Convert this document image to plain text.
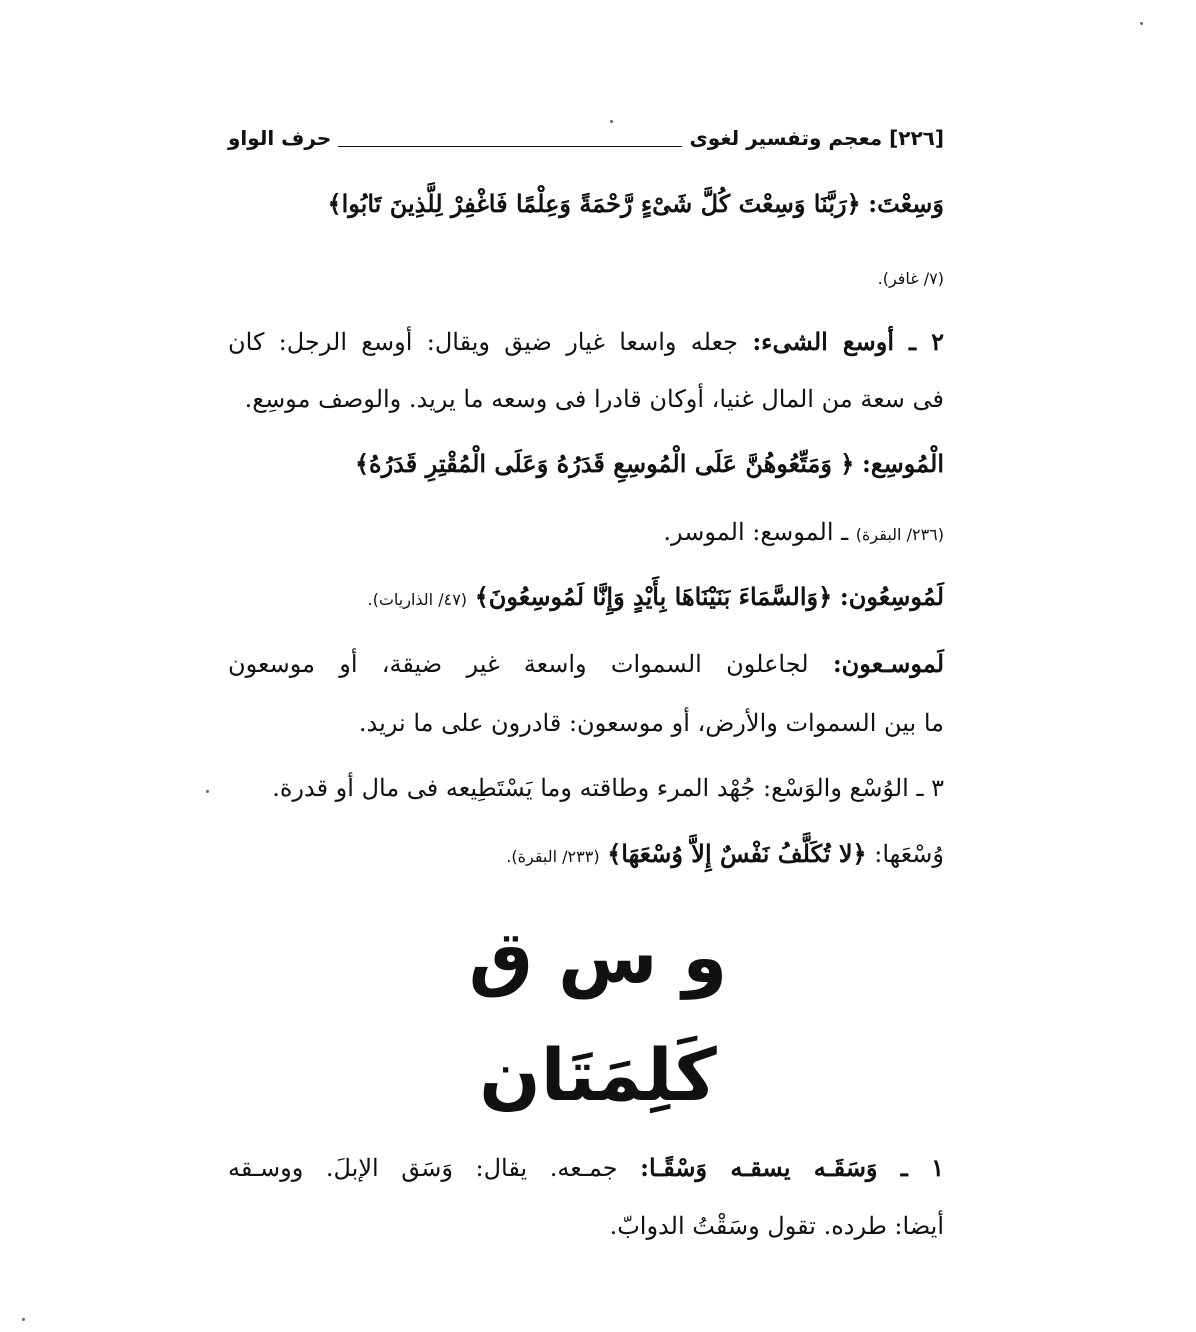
[٢٢٦] معجم وتفسير لغوى
حرف الواو
وَسِعْتَ: ﴿رَبَّنَا وَسِعْتَ كُلَّ شَىْءٍ رَّحْمَةً وَعِلْمًا فَاغْفِرْ لِلَّذِينَ تَابُوا﴾
(٧/ غافر).
٢ ـ أوسع الشىء: جعله واسعا غيار ضيق ويقال: أوسع الرجل: كان
فى سعة من المال غنيا، أوكان قادرا فى وسعه ما يريد. والوصف موسِع.
الْمُوسِع: ﴿ وَمَتِّعُوهُنَّ عَلَى الْمُوسِعِ قَدَرُهُ وَعَلَى الْمُقْتِرِ قَدَرُهُ﴾
(٢٣٦/ البقرة) ـ الموسع: الموسر.
لَمُوسِعُون: ﴿وَالسَّمَاءَ بَنَيْنَاهَا بِأَيْدٍ وَإِنَّا لَمُوسِعُونَ﴾ (٤٧/ الذاريات).
لَموسـعون: لجاعلون السموات واسعة غير ضيقة، أو موسعون
ما بين السموات والأرض، أو موسعون: قادرون على ما نريد.
٣ ـ الوُسْع والوَسْع: جُهْد المرء وطاقته وما يَسْتَطِيعه فى مال أو قدرة.
وُسْعَها: ﴿لا تُكَلَّفُ نَفْسٌ إِلاَّ وُسْعَهَا﴾ (٢٣٣/ البقرة).
و س ق
كَلِمَتَان
١ ـ وَسَقَـه يسقـه وَسْقًـا: جمـعه. يقال: وَسَق الإبلَ. ووسـقه
أيضا: طرده. تقول وسَقْتُ الدوابّ.
